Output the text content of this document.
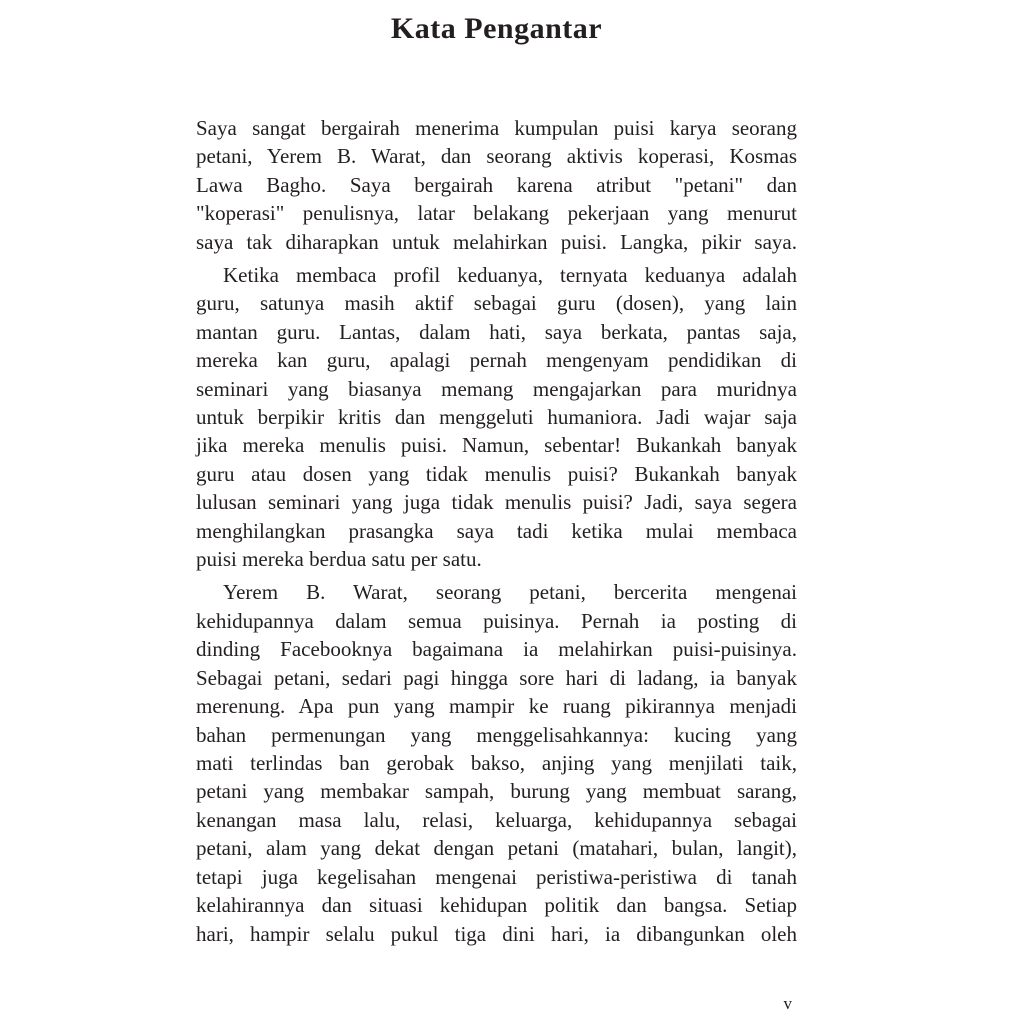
Kata Pengantar
Saya sangat bergairah menerima kumpulan puisi karya seorang
petani, Yerem B. Warat, dan seorang aktivis koperasi, Kosmas
Lawa Bagho. Saya bergairah karena atribut "petani" dan
"koperasi" penulisnya, latar belakang pekerjaan yang menurut
saya tak diharapkan untuk melahirkan puisi. Langka, pikir saya.
Ketika membaca profil keduanya, ternyata keduanya adalah
guru, satunya masih aktif sebagai guru (dosen), yang lain
mantan guru. Lantas, dalam hati, saya berkata, pantas saja,
mereka kan guru, apalagi pernah mengenyam pendidikan di
seminari yang biasanya memang mengajarkan para muridnya
untuk berpikir kritis dan menggeluti humaniora. Jadi wajar saja
jika mereka menulis puisi. Namun, sebentar! Bukankah banyak
guru atau dosen yang tidak menulis puisi? Bukankah banyak
lulusan seminari yang juga tidak menulis puisi? Jadi, saya segera
menghilangkan prasangka saya tadi ketika mulai membaca
puisi mereka berdua satu per satu.
Yerem B. Warat, seorang petani, bercerita mengenai
kehidupannya dalam semua puisinya. Pernah ia posting di
dinding Facebooknya bagaimana ia melahirkan puisi-puisinya.
Sebagai petani, sedari pagi hingga sore hari di ladang, ia banyak
merenung. Apa pun yang mampir ke ruang pikirannya menjadi
bahan permenungan yang menggelisahkannya: kucing yang
mati terlindas ban gerobak bakso, anjing yang menjilati taik,
petani yang membakar sampah, burung yang membuat sarang,
kenangan masa lalu, relasi, keluarga, kehidupannya sebagai
petani, alam yang dekat dengan petani (matahari, bulan, langit),
tetapi juga kegelisahan mengenai peristiwa-peristiwa di tanah
kelahirannya dan situasi kehidupan politik dan bangsa. Setiap
hari, hampir selalu pukul tiga dini hari, ia dibangunkan oleh
v
